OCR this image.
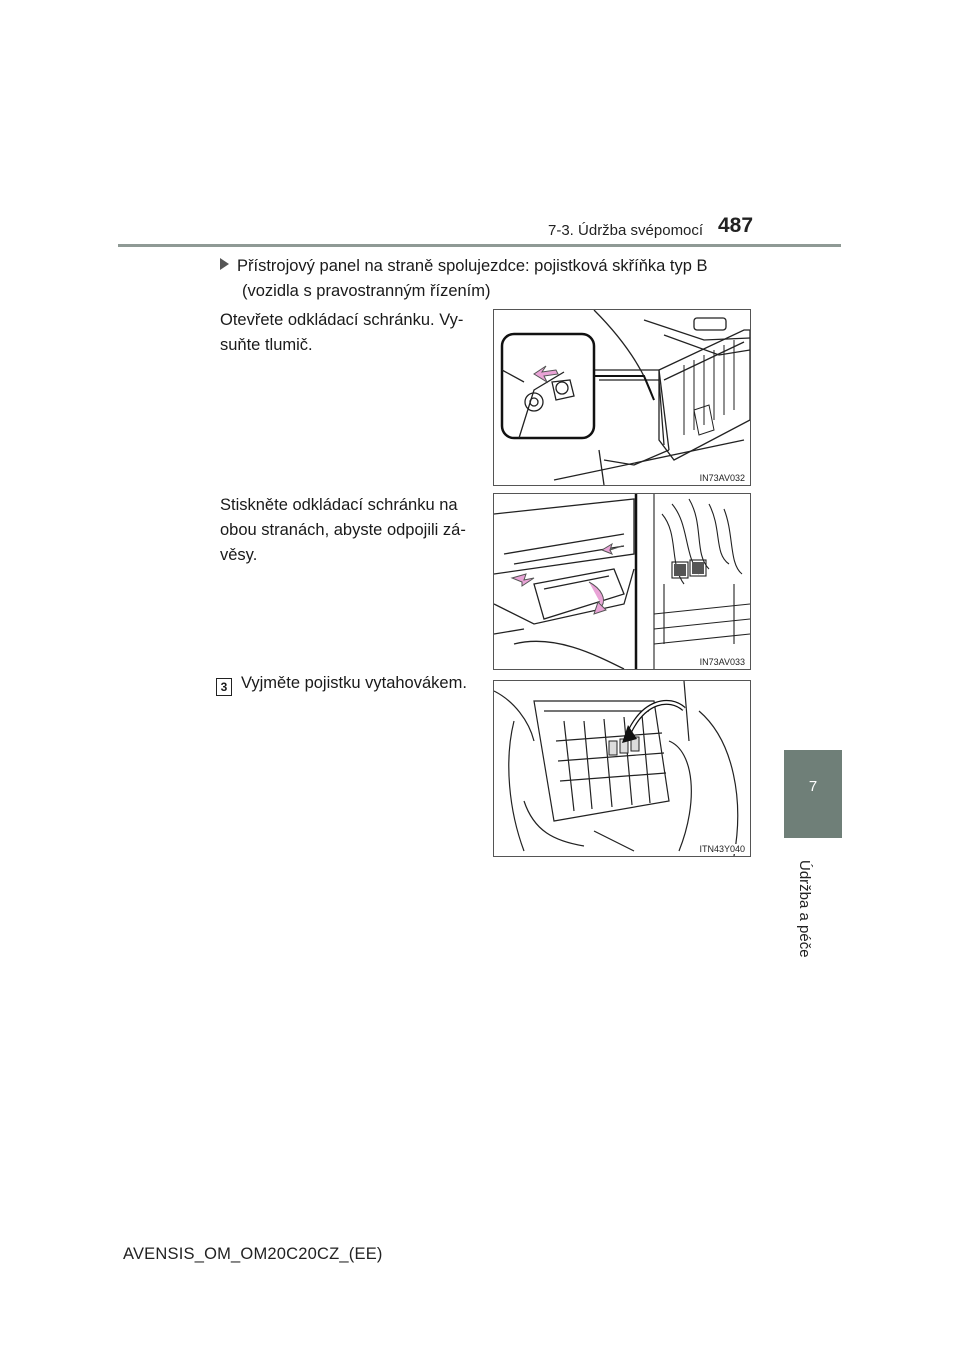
7-3. Údržba svépomocí 487
7
Údržba a péče
Přístrojový panel na straně spolujezdce: pojistková skříňka typ B
(vozidla s pravostranným řízením)
Otevřete odkládací schránku. Vy-
suňte tlumič.
Stiskněte odkládací schránku na
obou stranách, abyste odpojili zá-
věsy.
3 Vyjměte pojistku vytahovákem.
IN73AV032
IN73AV033
ITN43Y040
AVENSIS_OM_OM20C20CZ_(EE)
